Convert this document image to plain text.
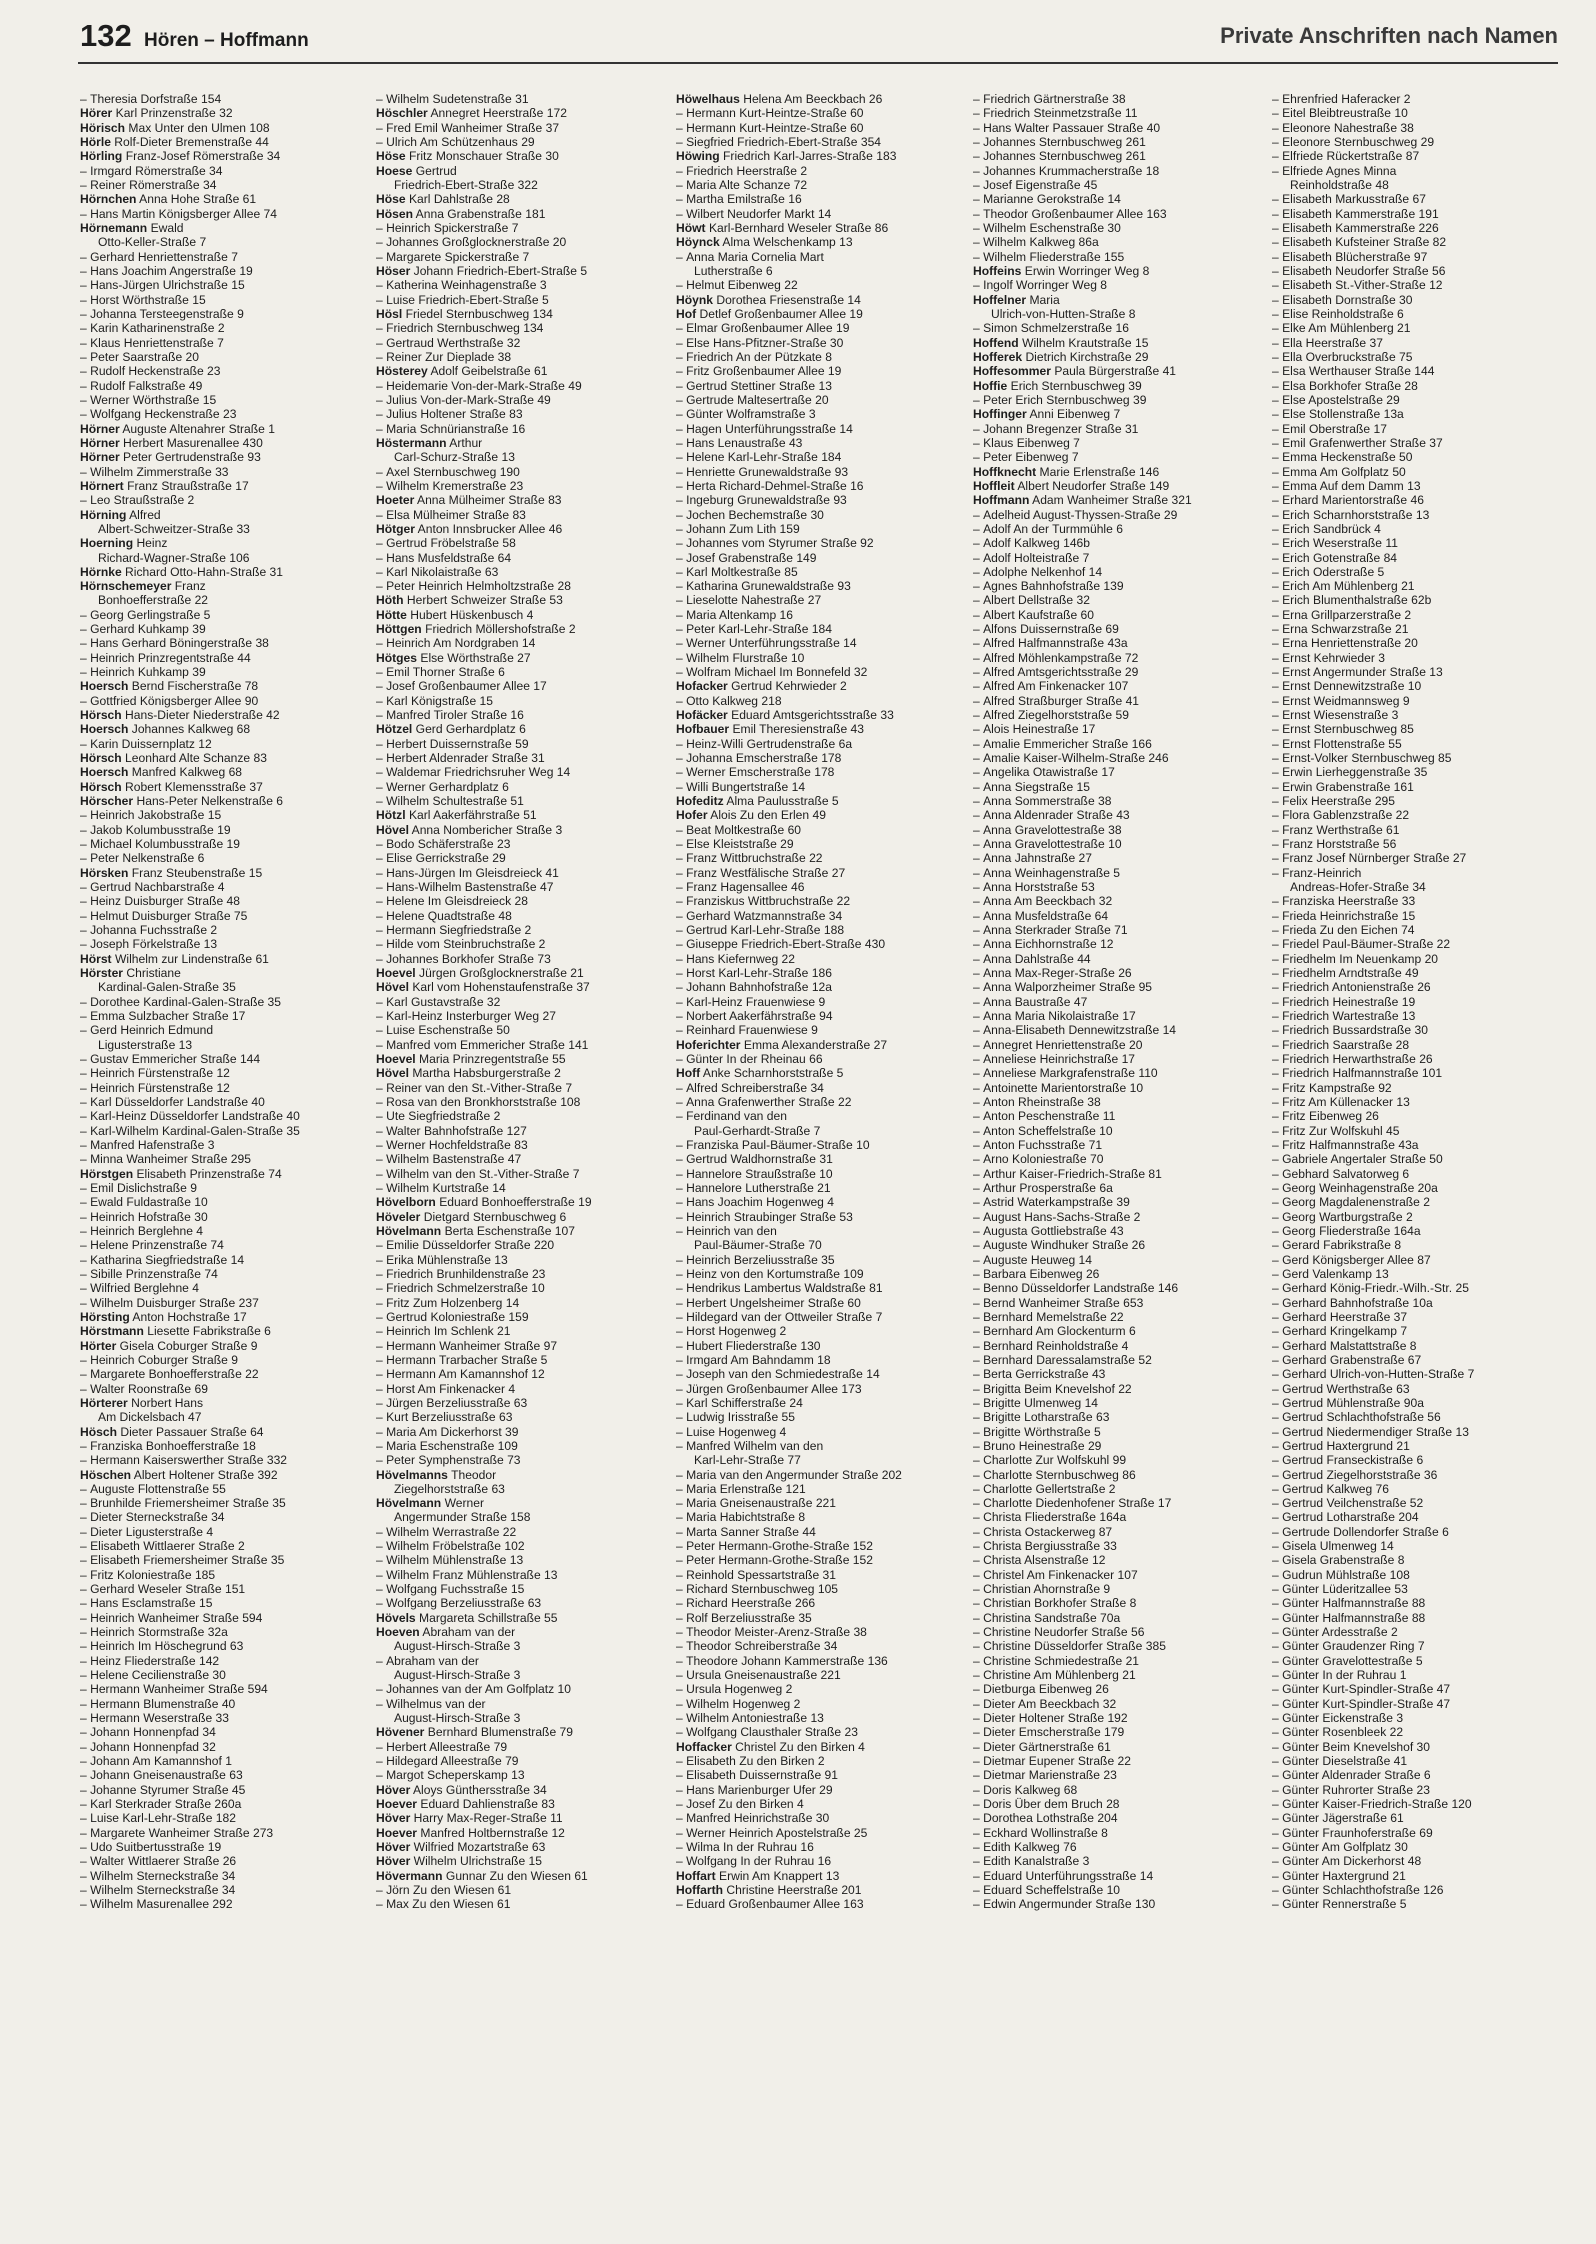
132 Hören – Hoffmann	Private Anschriften nach Namen
– Theresia Dorfstraße 154
Hörer Karl Prinzenstraße 32
Hörisch Max Unter den Ulmen 108
Hörle Rolf-Dieter Bremenstraße 44
Hörling Franz-Josef Römerstraße 34
– Irmgard Römerstraße 34
– Reiner Römerstraße 34
Hörnchen Anna Hohe Straße 61
– Hans Martin Königsberger Allee 74
Hörnemann Ewald
Otto-Keller-Straße 7
– Gerhard Henriettenstraße 7
– Hans Joachim Angerstraße 19
– Hans-Jürgen Ulrichstraße 15
– Horst Wörthstraße 15
– Johanna Tersteegenstraße 9
– Karin Katharinenstraße 2
– Klaus Henriettenstraße 7
– Peter Saarstraße 20
– Rudolf Heckenstraße 23
– Rudolf Falkstraße 49
– Werner Wörthstraße 15
– Wolfgang Heckenstraße 23
Hörner Auguste Altenahrer Straße 1
Hörner Herbert Masurenallee 430
Hörner Peter Gertrudenstraße 93
– Wilhelm Zimmerstraße 33
Hörnert Franz Straußstraße 17
– Leo Straußstraße 2
Hörning Alfred
Albert-Schweitzer-Straße 33
Hoerning Heinz
Richard-Wagner-Straße 106
Hörnke Richard Otto-Hahn-Straße 31
Hörnschemeyer Franz
Bonhoefferstraße 22
– Georg Gerlingstraße 5
– Gerhard Kuhkamp 39
– Hans Gerhard Böningerstraße 38
– Heinrich Prinzregentstraße 44
– Heinrich Kuhkamp 39
Hoersch Bernd Fischerstraße 78
– Gottfried Königsberger Allee 90
Hörsch Hans-Dieter Niederstraße 42
Hoersch Johannes Kalkweg 68
– Karin Duissernplatz 12
Hörsch Leonhard Alte Schanze 83
Hoersch Manfred Kalkweg 68
Hörsch Robert Klemensstraße 37
Hörscher Hans-Peter Nelkenstraße 6
– Heinrich Jakobstraße 15
– Jakob Kolumbusstraße 19
– Michael Kolumbusstraße 19
– Peter Nelkenstraße 6
Hörsken Franz Steubenstraße 15
– Gertrud Nachbarstraße 4
– Heinz Duisburger Straße 48
– Helmut Duisburger Straße 75
– Johanna Fuchsstraße 2
– Joseph Förkelstraße 13
Hörst Wilhelm zur Lindenstraße 61
Hörster Christiane
Kardinal-Galen-Straße 35
– Dorothee Kardinal-Galen-Straße 35
– Emma Sulzbacher Straße 17
– Gerd Heinrich Edmund
Ligusterstraße 13
– Gustav Emmericher Straße 144
– Heinrich Fürstenstraße 12
– Heinrich Fürstenstraße 12
– Karl Düsseldorfer Landstraße 40
– Karl-Heinz Düsseldorfer Landstraße 40
– Karl-Wilhelm Kardinal-Galen-Straße 35
– Manfred Hafenstraße 3
– Minna Wanheimer Straße 295
Hörstgen Elisabeth Prinzenstraße 74
– Emil Dislichstraße 9
– Ewald Fuldastraße 10
– Heinrich Hofstraße 30
– Heinrich Berglehne 4
– Helene Prinzenstraße 74
– Katharina Siegfriedstraße 14
– Sibille Prinzenstraße 74
– Wilfried Berglehne 4
– Wilhelm Duisburger Straße 237
Hörsting Anton Hochstraße 17
Hörstmann Liesette Fabrikstraße 6
Hörter Gisela Coburger Straße 9
– Heinrich Coburger Straße 9
– Margarete Bonhoefferstraße 22
– Walter Roonstraße 69
Hörterer Norbert Hans
Am Dickelsbach 47
Hösch Dieter Passauer Straße 64
– Franziska Bonhoefferstraße 18
– Hermann Kaiserswerther Straße 332
Höschen Albert Holtener Straße 392
– Auguste Flottenstraße 55
– Brunhilde Friemersheimer Straße 35
– Dieter Sterneckstraße 34
– Dieter Ligusterstraße 4
– Elisabeth Wittlaerer Straße 2
– Elisabeth Friemersheimer Straße 35
– Fritz Koloniestraße 185
– Gerhard Weseler Straße 151
– Hans Esclamstraße 15
– Heinrich Wanheimer Straße 594
– Heinrich Stormstraße 32a
– Heinrich Im Höschegrund 63
– Heinz Fliederstraße 142
– Helene Cecilienstraße 30
– Hermann Wanheimer Straße 594
– Hermann Blumenstraße 40
– Hermann Weserstraße 33
– Johann Honnenpfad 34
– Johann Honnenpfad 32
– Johann Am Kamannshof 1
– Johann Gneisenaustraße 63
– Johanne Styrumer Straße 45
– Karl Sterkrader Straße 260a
– Luise Karl-Lehr-Straße 182
– Margarete Wanheimer Straße 273
– Udo Suitbertusstraße 19
– Walter Wittlaerer Straße 26
– Wilhelm Sterneckstraße 34
– Wilhelm Sterneckstraße 34
– Wilhelm Masurenallee 292
– Wilhelm Sudetenstraße 31
Höschler Annegret Heerstraße 172
– Fred Emil Wanheimer Straße 37
– Ulrich Am Schützenhaus 29
Höse Fritz Monschauer Straße 30
Hoese Gertrud
Friedrich-Ebert-Straße 322
Höse Karl Dahlstraße 28
Hösen Anna Grabenstraße 181
– Heinrich Spickerstraße 7
– Johannes Großglocknerstraße 20
– Margarete Spickerstraße 7
Höser Johann Friedrich-Ebert-Straße 5
– Katherina Weinhagenstraße 3
– Luise Friedrich-Ebert-Straße 5
Hösl Friedel Sternbuschweg 134
– Friedrich Sternbuschweg 134
– Gertraud Werthstraße 32
– Reiner Zur Dieplade 38
Hösterey Adolf Geibelstraße 61
– Heidemarie Von-der-Mark-Straße 49
– Julius Von-der-Mark-Straße 49
– Julius Holtener Straße 83
– Maria Schnürianstraße 16
Höstermann Arthur
Carl-Schurz-Straße 13
– Axel Sternbuschweg 190
– Wilhelm Kremerstraße 23
Hoeter Anna Mülheimer Straße 83
– Elsa Mülheimer Straße 83
Hötger Anton Innsbrucker Allee 46
– Gertrud Fröbelstraße 58
– Hans Musfeldstraße 64
– Karl Nikolaistraße 63
– Peter Heinrich Helmholtzstraße 28
Höth Herbert Schweizer Straße 53
Hötte Hubert Hüskenbusch 4
Höttgen Friedrich Möllershofstraße 2
– Heinrich Am Nordgraben 14
Hötges Else Wörthstraße 27
– Emil Thorner Straße 6
– Josef Großenbaumer Allee 17
– Karl Königstraße 15
– Manfred Tiroler Straße 16
Hötzel Gerd Gerhardplatz 6
– Herbert Duissernstraße 59
– Herbert Aldenrader Straße 31
– Waldemar Friedrichsruher Weg 14
– Werner Gerhardplatz 6
– Wilhelm Schultestraße 51
Hötzl Karl Aakerfährstraße 51
Hövel Anna Nombericher Straße 3
– Bodo Schäferstraße 23
– Elise Gerrickstraße 29
– Hans-Jürgen Im Gleisdreieck 41
– Hans-Wilhelm Bastenstraße 47
– Helene Im Gleisdreieck 28
– Helene Quadtstraße 48
– Hermann Siegfriedstraße 2
– Hilde vom Steinbruchstraße 2
– Johannes Borkhofer Straße 73
Hoevel Jürgen Großglocknerstraße 21
Hövel Karl vom Hohenstaufenstraße 37
– Karl Gustavstraße 32
– Karl-Heinz Insterburger Weg 27
– Luise Eschenstraße 50
– Manfred vom Emmericher Straße 141
Hoevel Maria Prinzregentstraße 55
Hövel Martha Habsburgerstraße 2
– Reiner van den St.-Vither-Straße 7
– Rosa van den Bronkhorststraße 108
– Ute Siegfriedstraße 2
– Walter Bahnhofstraße 127
– Werner Hochfeldstraße 83
– Wilhelm Bastenstraße 47
– Wilhelm van den St.-Vither-Straße 7
– Wilhelm Kurtstraße 14
Hövelborn Eduard Bonhoefferstraße 19
Höveler Dietgard Sternbuschweg 6
Hövelmann Berta Eschenstraße 107
– Emilie Düsseldorfer Straße 220
– Erika Mühlenstraße 13
– Friedrich Brunhildenstraße 23
– Friedrich Schmelzerstraße 10
– Fritz Zum Holzenberg 14
– Gertrud Koloniestraße 159
– Heinrich Im Schlenk 21
– Hermann Wanheimer Straße 97
– Hermann Trarbacher Straße 5
– Hermann Am Kamannshof 12
– Horst Am Finkenacker 4
– Jürgen Berzeliusstraße 63
– Kurt Berzeliusstraße 63
– Maria Am Dickerhorst 39
– Maria Eschenstraße 109
– Peter Symphenstraße 73
Hövelmanns Theodor
Ziegelhorststraße 63
Hövelmann Werner
Angermunder Straße 158
– Wilhelm Werrastraße 22
– Wilhelm Fröbelstraße 102
– Wilhelm Mühlenstraße 13
– Wilhelm Franz Mühlenstraße 13
– Wolfgang Fuchsstraße 15
– Wolfgang Berzeliusstraße 63
Hövels Margareta Schillstraße 55
Hoeven Abraham van der
August-Hirsch-Straße 3
– Abraham van der
August-Hirsch-Straße 3
– Johannes van der Am Golfplatz 10
– Wilhelmus van der
August-Hirsch-Straße 3
Hövener Bernhard Blumenstraße 79
– Herbert Alleestraße 79
– Hildegard Alleestraße 79
– Margot Scheperskamp 13
Höver Aloys Günthersstraße 34
Hoever Eduard Dahlienstraße 83
Höver Harry Max-Reger-Straße 11
Hoever Manfred Holtbernstraße 12
Höver Wilfried Mozartstraße 63
Höver Wilhelm Ulrichstraße 15
Hövermann Gunnar Zu den Wiesen 61
– Jörn Zu den Wiesen 61
– Max Zu den Wiesen 61
Höwelhaus Helena Am Beeckbach 26
– Hermann Kurt-Heintze-Straße 60
– Hermann Kurt-Heintze-Straße 60
– Siegfried Friedrich-Ebert-Straße 354
Höwing Friedrich Karl-Jarres-Straße 183
– Friedrich Heerstraße 2
– Maria Alte Schanze 72
– Martha Emilstraße 16
– Wilbert Neudorfer Markt 14
Höwt Karl-Bernhard Weseler Straße 86
Höynck Alma Welschenkamp 13
– Anna Maria Cornelia Mart
Lutherstraße 6
– Helmut Eibenweg 22
Höynk Dorothea Friesenstraße 14
Hof Detlef Großenbaumer Allee 19
– Elmar Großenbaumer Allee 19
– Else Hans-Pfitzner-Straße 30
– Friedrich An der Pützkate 8
– Fritz Großenbaumer Allee 19
– Gertrud Stettiner Straße 13
– Gertrude Maltesertraße 20
– Günter Wolframstraße 3
– Hagen Unterführungsstraße 14
– Hans Lenaustraße 43
– Helene Karl-Lehr-Straße 184
– Henriette Grunewaldstraße 93
– Herta Richard-Dehmel-Straße 16
– Ingeburg Grunewaldstraße 93
– Jochen Bechemstraße 30
– Johann Zum Lith 159
– Johannes vom Styrumer Straße 92
– Josef Grabenstraße 149
– Karl Moltkestraße 85
– Katharina Grunewaldstraße 93
– Lieselotte Nahestraße 27
– Maria Altenkamp 16
– Peter Karl-Lehr-Straße 184
– Werner Unterführungsstraße 14
– Wilhelm Flurstraße 10
– Wolfram Michael Im Bonnefeld 32
Hofacker Gertrud Kehrwieder 2
– Otto Kalkweg 218
Hofäcker Eduard Amtsgerichtsstraße 33
Hofbauer Emil Theresienstraße 43
– Heinz-Willi Gertrudenstraße 6a
– Johanna Emscherstraße 178
– Werner Emscherstraße 178
– Willi Bungertstraße 14
Hofeditz Alma Paulusstraße 5
Hofer Alois Zu den Erlen 49
– Beat Moltkestraße 60
– Else Kleiststraße 29
– Franz Wittbruchstraße 22
– Franz Westfälische Straße 27
– Franz Hagensallee 46
– Franziskus Wittbruchstraße 22
– Gerhard Watzmannstraße 34
– Gertrud Karl-Lehr-Straße 188
– Giuseppe Friedrich-Ebert-Straße 430
– Hans Kiefernweg 22
– Horst Karl-Lehr-Straße 186
– Johann Bahnhofstraße 12a
– Karl-Heinz Frauenwiese 9
– Norbert Aakerfährstraße 94
– Reinhard Frauenwiese 9
Hoferichter Emma Alexanderstraße 27
– Günter In der Rheinau 66
Hoff Anke Scharnhorststraße 5
– Alfred Schreiberstraße 34
– Anna Grafenwerther Straße 22
– Ferdinand van den
Paul-Gerhardt-Straße 7
– Franziska Paul-Bäumer-Straße 10
– Gertrud Waldhornstraße 31
– Hannelore Straußstraße 10
– Hannelore Lutherstraße 21
– Hans Joachim Hogenweg 4
– Heinrich Straubinger Straße 53
– Heinrich van den
Paul-Bäumer-Straße 70
– Heinrich Berzeliusstraße 35
– Heinz von den Kortumstraße 109
– Hendrikus Lambertus Waldstraße 81
– Herbert Ungelsheimer Straße 60
– Hildegard van der Ottweiler Straße 7
– Horst Hogenweg 2
– Hubert Fliederstraße 130
– Irmgard Am Bahndamm 18
– Joseph van den Schmiedestraße 14
– Jürgen Großenbaumer Allee 173
– Karl Schifferstraße 24
– Ludwig Irisstraße 55
– Luise Hogenweg 4
– Manfred Wilhelm van den
Karl-Lehr-Straße 77
– Maria van den Angermunder Straße 202
– Maria Erlenstraße 121
– Maria Gneisenaustraße 221
– Maria Habichtstraße 8
– Marta Sanner Straße 44
– Peter Hermann-Grothe-Straße 152
– Peter Hermann-Grothe-Straße 152
– Reinhold Spessartstraße 31
– Richard Sternbuschweg 105
– Richard Heerstraße 266
– Rolf Berzeliusstraße 35
– Theodor Meister-Arenz-Straße 38
– Theodor Schreiberstraße 34
– Theodore Johann Kammerstraße 136
– Ursula Gneisenaustraße 221
– Ursula Hogenweg 2
– Wilhelm Hogenweg 2
– Wilhelm Antoniestraße 13
– Wolfgang Clausthaler Straße 23
Hoffacker Christel Zu den Birken 4
– Elisabeth Zu den Birken 2
– Elisabeth Duissernstraße 91
– Hans Marienburger Ufer 29
– Josef Zu den Birken 4
– Manfred Heinrichstraße 30
– Werner Heinrich Apostelstraße 25
– Wilma In der Ruhrau 16
– Wolfgang In der Ruhrau 16
Hoffart Erwin Am Knappert 13
Hoffarth Christine Heerstraße 201
– Eduard Großenbaumer Allee 163
– Friedrich Gärtnerstraße 38
– Friedrich Steinmetzstraße 11
– Hans Walter Passauer Straße 40
– Johannes Sternbuschweg 261
– Johannes Sternbuschweg 261
– Johannes Krummacherstraße 18
– Josef Eigenstraße 45
– Marianne Gerokstraße 14
– Theodor Großenbaumer Allee 163
– Wilhelm Eschenstraße 30
– Wilhelm Kalkweg 86a
– Wilhelm Fliederstraße 155
Hoffeins Erwin Worringer Weg 8
– Ingolf Worringer Weg 8
Hoffelner Maria
Ulrich-von-Hutten-Straße 8
– Simon Schmelzerstraße 16
Hoffend Wilhelm Krautstraße 15
Hofferek Dietrich Kirchstraße 29
Hoffesommer Paula Bürgerstraße 41
Hoffie Erich Sternbuschweg 39
– Peter Erich Sternbuschweg 39
Hoffinger Anni Eibenweg 7
– Johann Bregenzer Straße 31
– Klaus Eibenweg 7
– Peter Eibenweg 7
Hoffknecht Marie Erlenstraße 146
Hoffleit Albert Neudorfer Straße 149
Hoffmann Adam Wanheimer Straße 321
– Adelheid August-Thyssen-Straße 29
– Adolf An der Turmmühle 6
– Adolf Kalkweg 146b
– Adolf Holteistraße 7
– Adolphe Nelkenhof 14
– Agnes Bahnhofstraße 139
– Albert Dellstraße 32
– Albert Kaufstraße 60
– Alfons Duissernstraße 69
– Alfred Halfmannstraße 43a
– Alfred Möhlenkampstraße 72
– Alfred Amtsgerichtsstraße 29
– Alfred Am Finkenacker 107
– Alfred Straßburger Straße 41
– Alfred Ziegelhorststraße 59
– Alois Heinestraße 17
– Amalie Emmericher Straße 166
– Amalie Kaiser-Wilhelm-Straße 246
– Angelika Otawistraße 17
– Anna Siegstraße 15
– Anna Sommerstraße 38
– Anna Aldenrader Straße 43
– Anna Gravelottestraße 38
– Anna Gravelottestraße 10
– Anna Jahnstraße 27
– Anna Weinhagenstraße 5
– Anna Horststraße 53
– Anna Am Beeckbach 32
– Anna Musfeldstraße 64
– Anna Sterkrader Straße 71
– Anna Eichhornstraße 12
– Anna Dahlstraße 44
– Anna Max-Reger-Straße 26
– Anna Walporzheimer Straße 95
– Anna Baustraße 47
– Anna Maria Nikolaistraße 17
– Anna-Elisabeth Dennewitzstraße 14
– Annegret Henriettenstraße 20
– Anneliese Heinrichstraße 17
– Anneliese Markgrafenstraße 110
– Antoinette Marientorstraße 10
– Anton Rheinstraße 38
– Anton Peschenstraße 11
– Anton Scheffelstraße 10
– Anton Fuchsstraße 71
– Arno Koloniestraße 70
– Arthur Kaiser-Friedrich-Straße 81
– Arthur Prosperstraße 6a
– Astrid Waterkampstraße 39
– August Hans-Sachs-Straße 2
– Augusta Gottliebstraße 43
– Auguste Windhuker Straße 26
– Auguste Heuweg 14
– Barbara Eibenweg 26
– Benno Düsseldorfer Landstraße 146
– Bernd Wanheimer Straße 653
– Bernhard Memelstraße 22
– Bernhard Am Glockenturm 6
– Bernhard Reinholdstraße 4
– Bernhard Daressalamstraße 52
– Berta Gerrickstraße 43
– Brigitta Beim Knevelshof 22
– Brigitte Ulmenweg 14
– Brigitte Lotharstraße 63
– Brigitte Wörthstraße 5
– Bruno Heinestraße 29
– Charlotte Zur Wolfskuhl 99
– Charlotte Sternbuschweg 86
– Charlotte Gellertstraße 2
– Charlotte Diedenhofener Straße 17
– Christa Fliederstraße 164a
– Christa Ostackerweg 87
– Christa Bergiusstraße 33
– Christa Alsenstraße 12
– Christel Am Finkenacker 107
– Christian Ahornstraße 9
– Christian Borkhofer Straße 8
– Christina Sandstraße 70a
– Christine Neudorfer Straße 56
– Christine Düsseldorfer Straße 385
– Christine Schmiedestraße 21
– Christine Am Mühlenberg 21
– Dietburga Eibenweg 26
– Dieter Am Beeckbach 32
– Dieter Holtener Straße 192
– Dieter Emscherstraße 179
– Dieter Gärtnerstraße 61
– Dietmar Eupener Straße 22
– Dietmar Marienstraße 23
– Doris Kalkweg 68
– Doris Über dem Bruch 28
– Dorothea Lothstraße 204
– Eckhard Wollinstraße 8
– Edith Kalkweg 76
– Edith Kanalstraße 3
– Eduard Unterführungsstraße 14
– Eduard Scheffelstraße 10
– Edwin Angermunder Straße 130
– Ehrenfried Haferacker 2
– Eitel Bleibtreustraße 10
– Eleonore Nahestraße 38
– Eleonore Sternbuschweg 29
– Elfriede Rückertstraße 87
– Elfriede Agnes Minna
Reinholdstraße 48
– Elisabeth Markusstraße 67
– Elisabeth Kammerstraße 191
– Elisabeth Kammerstraße 226
– Elisabeth Kufsteiner Straße 82
– Elisabeth Blücherstraße 97
– Elisabeth Neudorfer Straße 56
– Elisabeth St.-Vither-Straße 12
– Elisabeth Dornstraße 30
– Elise Reinholdstraße 6
– Elke Am Mühlenberg 21
– Ella Heerstraße 37
– Ella Overbruckstraße 75
– Elsa Werthauser Straße 144
– Elsa Borkhofer Straße 28
– Else Apostelstraße 29
– Else Stollenstraße 13a
– Emil Oberstraße 17
– Emil Grafenwerther Straße 37
– Emma Heckenstraße 50
– Emma Am Golfplatz 50
– Emma Auf dem Damm 13
– Erhard Marientorstraße 46
– Erich Scharnhorststraße 13
– Erich Sandbrück 4
– Erich Weserstraße 11
– Erich Gotenstraße 84
– Erich Oderstraße 5
– Erich Am Mühlenberg 21
– Erich Blumenthalstraße 62b
– Erna Grillparzerstraße 2
– Erna Schwarzstraße 21
– Erna Henriettenstraße 20
– Ernst Kehrwieder 3
– Ernst Angermunder Straße 13
– Ernst Dennewitzstraße 10
– Ernst Weidmannsweg 9
– Ernst Wiesenstraße 3
– Ernst Sternbuschweg 85
– Ernst Flottenstraße 55
– Ernst-Volker Sternbuschweg 85
– Erwin Lierheggenstraße 35
– Erwin Grabenstraße 161
– Felix Heerstraße 295
– Flora Gablenzstraße 22
– Franz Werthstraße 61
– Franz Horststraße 56
– Franz Josef Nürnberger Straße 27
– Franz-Heinrich
Andreas-Hofer-Straße 34
– Franziska Heerstraße 33
– Frieda Heinrichstraße 15
– Frieda Zu den Eichen 74
– Friedel Paul-Bäumer-Straße 22
– Friedhelm Im Neuenkamp 20
– Friedhelm Arndtstraße 49
– Friedrich Antonienstraße 26
– Friedrich Heinestraße 19
– Friedrich Wartestraße 13
– Friedrich Bussardstraße 30
– Friedrich Saarstraße 28
– Friedrich Herwarthstraße 26
– Friedrich Halfmannstraße 101
– Fritz Kampstraße 92
– Fritz Am Küllenacker 13
– Fritz Eibenweg 26
– Fritz Zur Wolfskuhl 45
– Fritz Halfmannstraße 43a
– Gabriele Angertaler Straße 50
– Gebhard Salvatorweg 6
– Georg Weinhagenstraße 20a
– Georg Magdalenenstraße 2
– Georg Wartburgstraße 2
– Georg Fliederstraße 164a
– Gerard Fabrikstraße 8
– Gerd Königsberger Allee 87
– Gerd Valenkamp 13
– Gerhard König-Friedr.-Wilh.-Str. 25
– Gerhard Bahnhofstraße 10a
– Gerhard Heerstraße 37
– Gerhard Kringelkamp 7
– Gerhard Malstattstraße 8
– Gerhard Grabenstraße 67
– Gerhard Ulrich-von-Hutten-Straße 7
– Gertrud Werthstraße 63
– Gertrud Mühlenstraße 90a
– Gertrud Schlachthofstraße 56
– Gertrud Niedermendiger Straße 13
– Gertrud Haxtergrund 21
– Gertrud Franseckistraße 6
– Gertrud Ziegelhorststraße 36
– Gertrud Kalkweg 76
– Gertrud Veilchenstraße 52
– Gertrud Lotharstraße 204
– Gertrude Dollendorfer Straße 6
– Gisela Ulmenweg 14
– Gisela Grabenstraße 8
– Gudrun Mühlstraße 108
– Günter Lüderitzallee 53
– Günter Halfmannstraße 88
– Günter Halfmannstraße 88
– Günter Ardesstraße 2
– Günter Graudenzer Ring 7
– Günter Gravelottestraße 5
– Günter In der Ruhrau 1
– Günter Kurt-Spindler-Straße 47
– Günter Kurt-Spindler-Straße 47
– Günter Eickenstraße 3
– Günter Rosenbleek 22
– Günter Beim Knevelshof 30
– Günter Dieselstraße 41
– Günter Aldenrader Straße 6
– Günter Ruhrorter Straße 23
– Günter Kaiser-Friedrich-Straße 120
– Günter Jägerstraße 61
– Günter Fraunhoferstraße 69
– Günter Am Golfplatz 30
– Günter Am Dickerhorst 48
– Günter Haxtergrund 21
– Günter Schlachthofstraße 126
– Günter Rennerstraße 5
